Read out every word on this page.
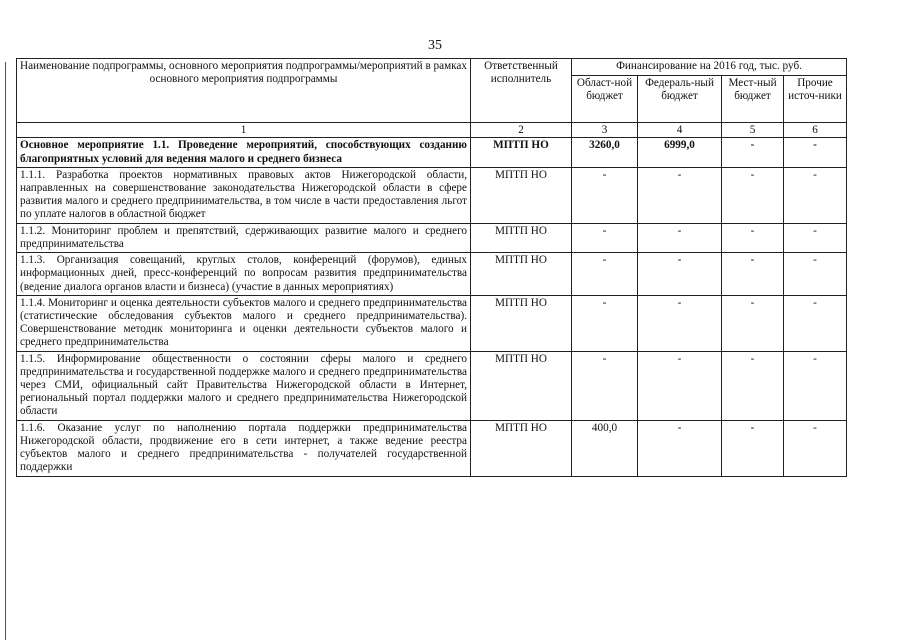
35
Наименование подпрограммы, основного мероприятия подпрограммы/мероприятий в рамках основного мероприятия подпрограммы	Ответственный исполнитель	Финансирование на 2016 год, тыс. руб.			
		Област-ной бюджет	Федераль-ный бюджет	Мест-ный бюджет	Прочие источ-ники
1	2	3	4	5	6
Основное мероприятие 1.1. Проведение мероприятий, способствующих созданию благоприятных условий для ведения малого и среднего бизнеса	МПТП НО	3260,0	6999,0	-	-
1.1.1. Разработка проектов нормативных правовых актов Нижегородской области, направленных на совершенствование законодательства Нижегородской области в сфере развития малого и среднего предпринимательства, в том числе в части предоставления льгот по уплате налогов в областной бюджет	МПТП НО	-	-	-	-
1.1.2. Мониторинг проблем и препятствий, сдерживающих развитие малого и среднего предпринимательства	МПТП НО	-	-	-	-
1.1.3. Организация совещаний, круглых столов, конференций (форумов), единых информационных дней, пресс-конференций по вопросам развития предпринимательства (ведение диалога органов власти и бизнеса) (участие в данных мероприятиях)	МПТП НО	-	-	-	-
1.1.4. Мониторинг и оценка деятельности субъектов малого и среднего предпринимательства (статистические обследования субъектов малого и среднего предпринимательства). Совершенствование методик мониторинга и оценки деятельности субъектов малого и среднего предпринимательства	МПТП НО	-	-	-	-
1.1.5. Информирование общественности о состоянии сферы малого и среднего предпринимательства и государственной поддержке малого и среднего предпринимательства через СМИ, официальный сайт Правительства Нижегородской области в Интернет, региональный портал поддержки малого и среднего предпринимательства Нижегородской области	МПТП НО	-	-	-	-
1.1.6. Оказание услуг по наполнению портала поддержки предпринимательства Нижегородской области, продвижение его в сети интернет, а также ведение реестра субъектов малого и среднего предпринимательства - получателей государственной поддержки	МПТП НО	400,0	-	-	-
